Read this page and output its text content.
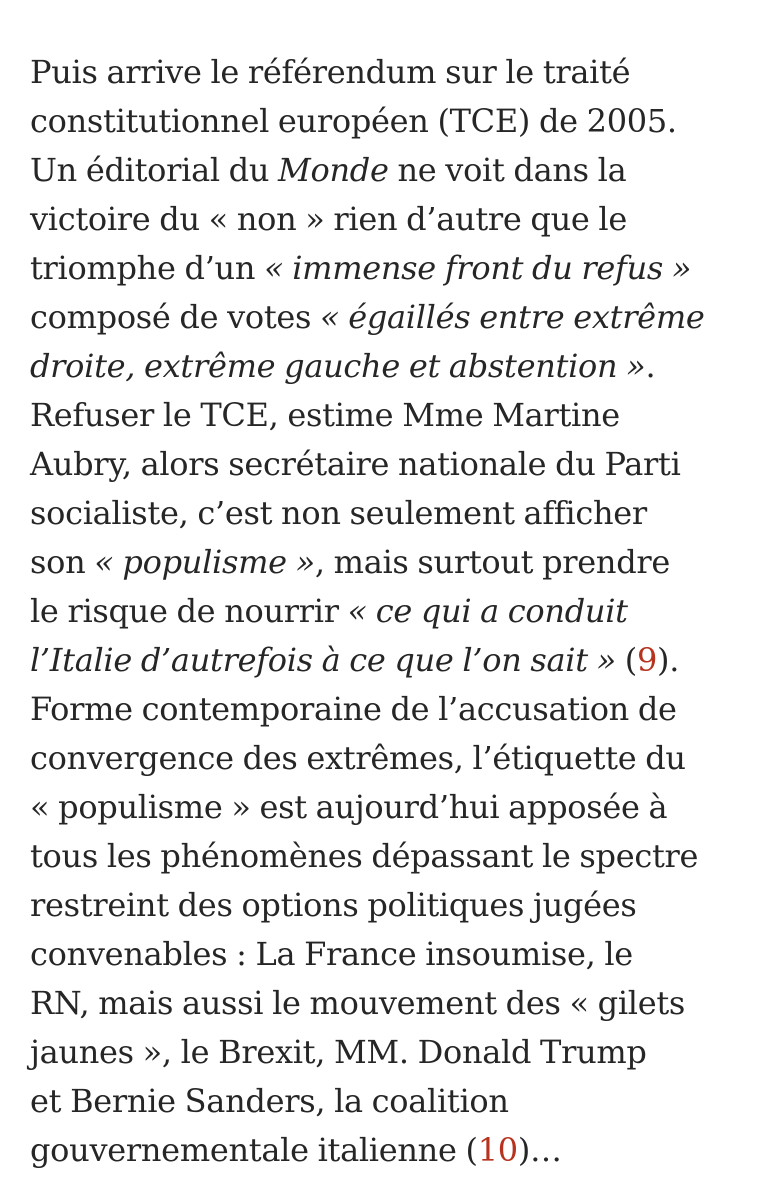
Puis arrive le référendum sur le traité
constitutionnel européen (TCE) de 2005.
Un éditorial du Monde ne voit dans la
victoire du « non » rien d’autre que le
triomphe d’un « immense front du refus »
composé de votes « égaillés entre extrême
droite, extrême gauche et abstention ».
Refuser le TCE, estime Mme Martine
Aubry, alors secrétaire nationale du Parti
socialiste, c’est non seulement afficher
son « populisme », mais surtout prendre
le risque de nourrir « ce qui a conduit
l’Italie d’autrefois à ce que l’on sait » (9).
Forme contemporaine de l’accusation de
convergence des extrêmes, l’étiquette du
« populisme » est aujourd’hui apposée à
tous les phénomènes dépassant le spectre
restreint des options politiques jugées
convenables : La France insoumise, le
RN, mais aussi le mouvement des « gilets
jaunes », le Brexit, MM. Donald Trump
et Bernie Sanders, la coalition
gouvernementale italienne (10)…
